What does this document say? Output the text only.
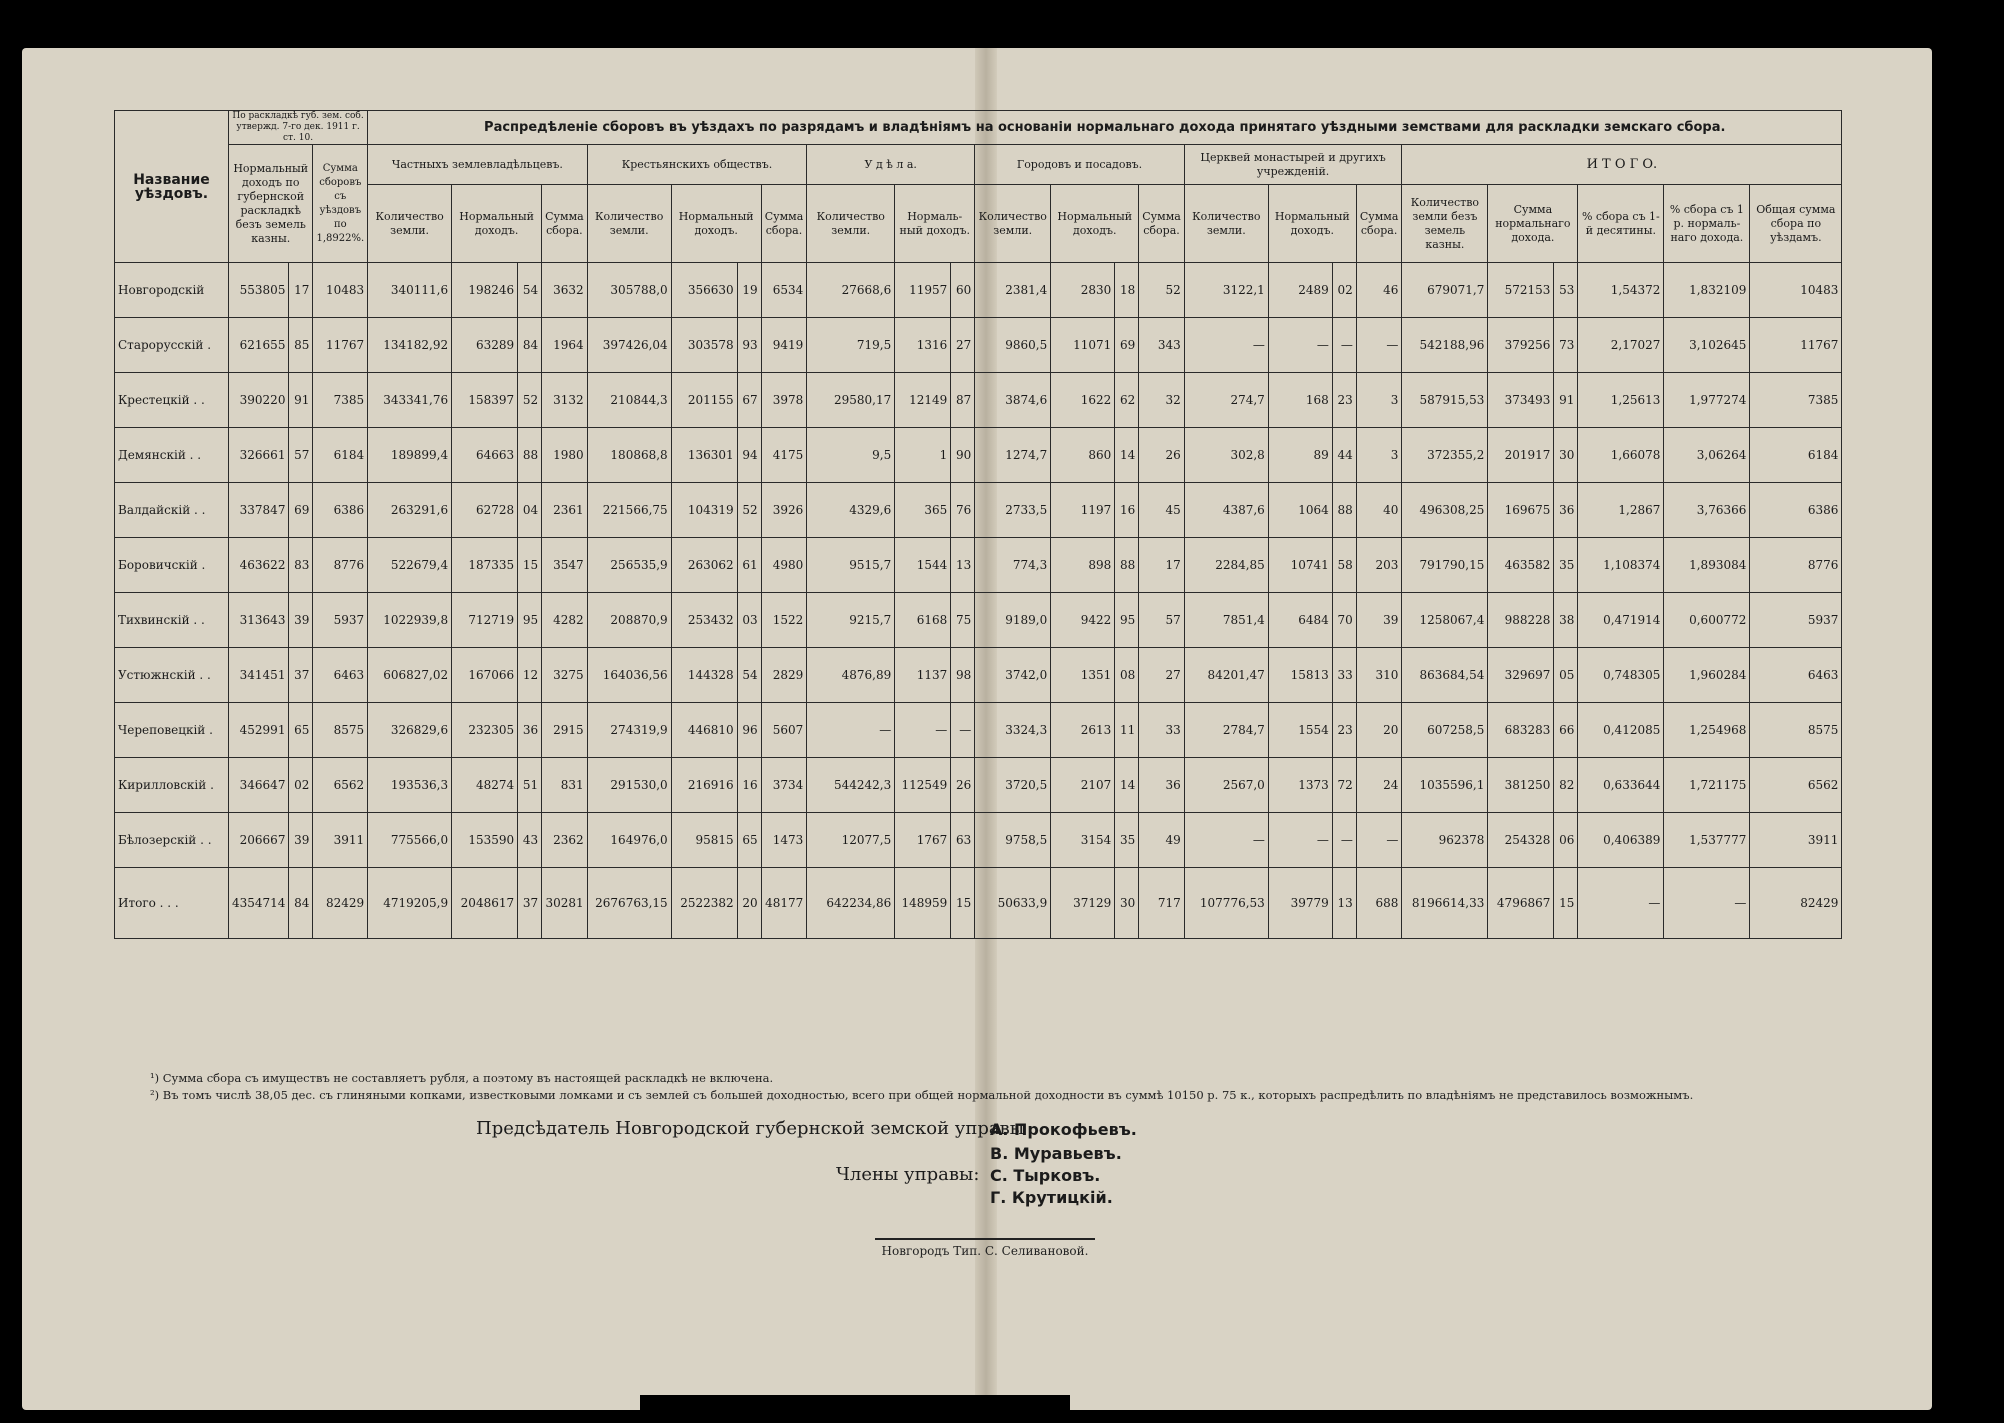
Название уѣздовъ.	По раскладкѣ губ. зем. соб. утвержд. 7-го дек. 1911 г. ст. 10.			Распредѣленіе сборовъ въ уѣздахъ по разрядамъ и владѣніямъ на основаніи нормальнаго дохода принятаго уѣздными земствами для раскладки земскаго сбора.																								
	Нормальный доходъ по губернской раскладкѣ безъ земель казны.		Сумма сборовъ съ уѣздовъ по 1,8922%.	Частныхъ землевладѣльцевъ.				Крестьянскихъ обществъ.				У д ѣ л а.			Городовъ и посадовъ.				Церквей монастырей и другихъ учрежденій.				И Т О Г О.					
				Количество земли.	Нормальный доходъ.		Сумма сбора.	Количество земли.	Нормальный доходъ.		Сумма сбора.	Количество земли.	Нормаль-ный доходъ.		Количество земли.	Нормальный доходъ.		Сумма сбора.	Количество земли.	Нормальный доходъ.		Сумма сбора.	Количество земли безъ земель казны.	Сумма нормальнаго дохода.		% сбора съ 1-й десятины.	% сбора съ 1 р. нормаль-наго дохода.	Общая сумма сбора по уѣздамъ.
Новгородскій	553805	17	10483	340111,6	198246	54	3632	305788,0	356630	19	6534	27668,6	11957	60	2381,4	2830	18	52	3122,1	2489	02	46	679071,7	572153	53	1,54372	1,832109	10483
Старорусскій .	621655	85	11767	134182,92	63289	84	1964	397426,04	303578	93	9419	719,5	1316	27	9860,5	11071	69	343	—	—	—	—	542188,96	379256	73	2,17027	3,102645	11767
Крестецкій . .	390220	91	7385	343341,76	158397	52	3132	210844,3	201155	67	3978	29580,17	12149	87	3874,6	1622	62	32	274,7	168	23	3	587915,53	373493	91	1,25613	1,977274	7385
Демянскій . .	326661	57	6184	189899,4	64663	88	1980	180868,8	136301	94	4175	9,5	1	90	1274,7	860	14	26	302,8	89	44	3	372355,2	201917	30	1,66078	3,06264	6184
Валдайскій . .	337847	69	6386	263291,6	62728	04	2361	221566,75	104319	52	3926	4329,6	365	76	2733,5	1197	16	45	4387,6	1064	88	40	496308,25	169675	36	1,2867	3,76366	6386
Боровичскій .	463622	83	8776	522679,4	187335	15	3547	256535,9	263062	61	4980	9515,7	1544	13	774,3	898	88	17	2284,85	10741	58	203	791790,15	463582	35	1,108374	1,893084	8776
Тихвинскій . .	313643	39	5937	1022939,8	712719	95	4282	208870,9	253432	03	1522	9215,7	6168	75	9189,0	9422	95	57	7851,4	6484	70	39	1258067,4	988228	38	0,471914	0,600772	5937
Устюжнскій . .	341451	37	6463	606827,02	167066	12	3275	164036,56	144328	54	2829	4876,89	1137	98	3742,0	1351	08	27	84201,47	15813	33	310	863684,54	329697	05	0,748305	1,960284	6463
Череповецкій .	452991	65	8575	326829,6	232305	36	2915	274319,9	446810	96	5607	—	—	—	3324,3	2613	11	33	2784,7	1554	23	20	607258,5	683283	66	0,412085	1,254968	8575
Кирилловскій .	346647	02	6562	193536,3	48274	51	831	291530,0	216916	16	3734	544242,3	112549	26	3720,5	2107	14	36	2567,0	1373	72	24	1035596,1	381250	82	0,633644	1,721175	6562
Бѣлозерскій . .	206667	39	3911	775566,0	153590	43	2362	164976,0	95815	65	1473	12077,5	1767	63	9758,5	3154	35	49	—	—	—	—	962378	254328	06	0,406389	1,537777	3911
Итого . . .	4354714	84	82429	4719205,9	2048617	37	30281	2676763,15	2522382	20	48177	642234,86	148959	15	50633,9	37129	30	717	107776,53	39779	13	688	8196614,33	4796867	15	—	—	82429
¹) Сумма сбора съ имуществъ не составляетъ рубля, а поэтому въ настоящей раскладкѣ не включена.
²) Въ томъ числѣ 38,05 дес. съ глиняными копками, известковыми ломками и съ землей съ большей доходностью, всего при общей нормальной доходности въ суммѣ 10150 р. 75 к., которыхъ распредѣлить по владѣніямъ не представилось возможнымъ.
Предсѣдатель Новгородской губернской земской управы
А. Прокофьевъ.
В. Муравьевъ.
Члены управы: С. Тырковъ.
Г. Крутицкій.
Новгородъ Тип. С. Селивановой.
